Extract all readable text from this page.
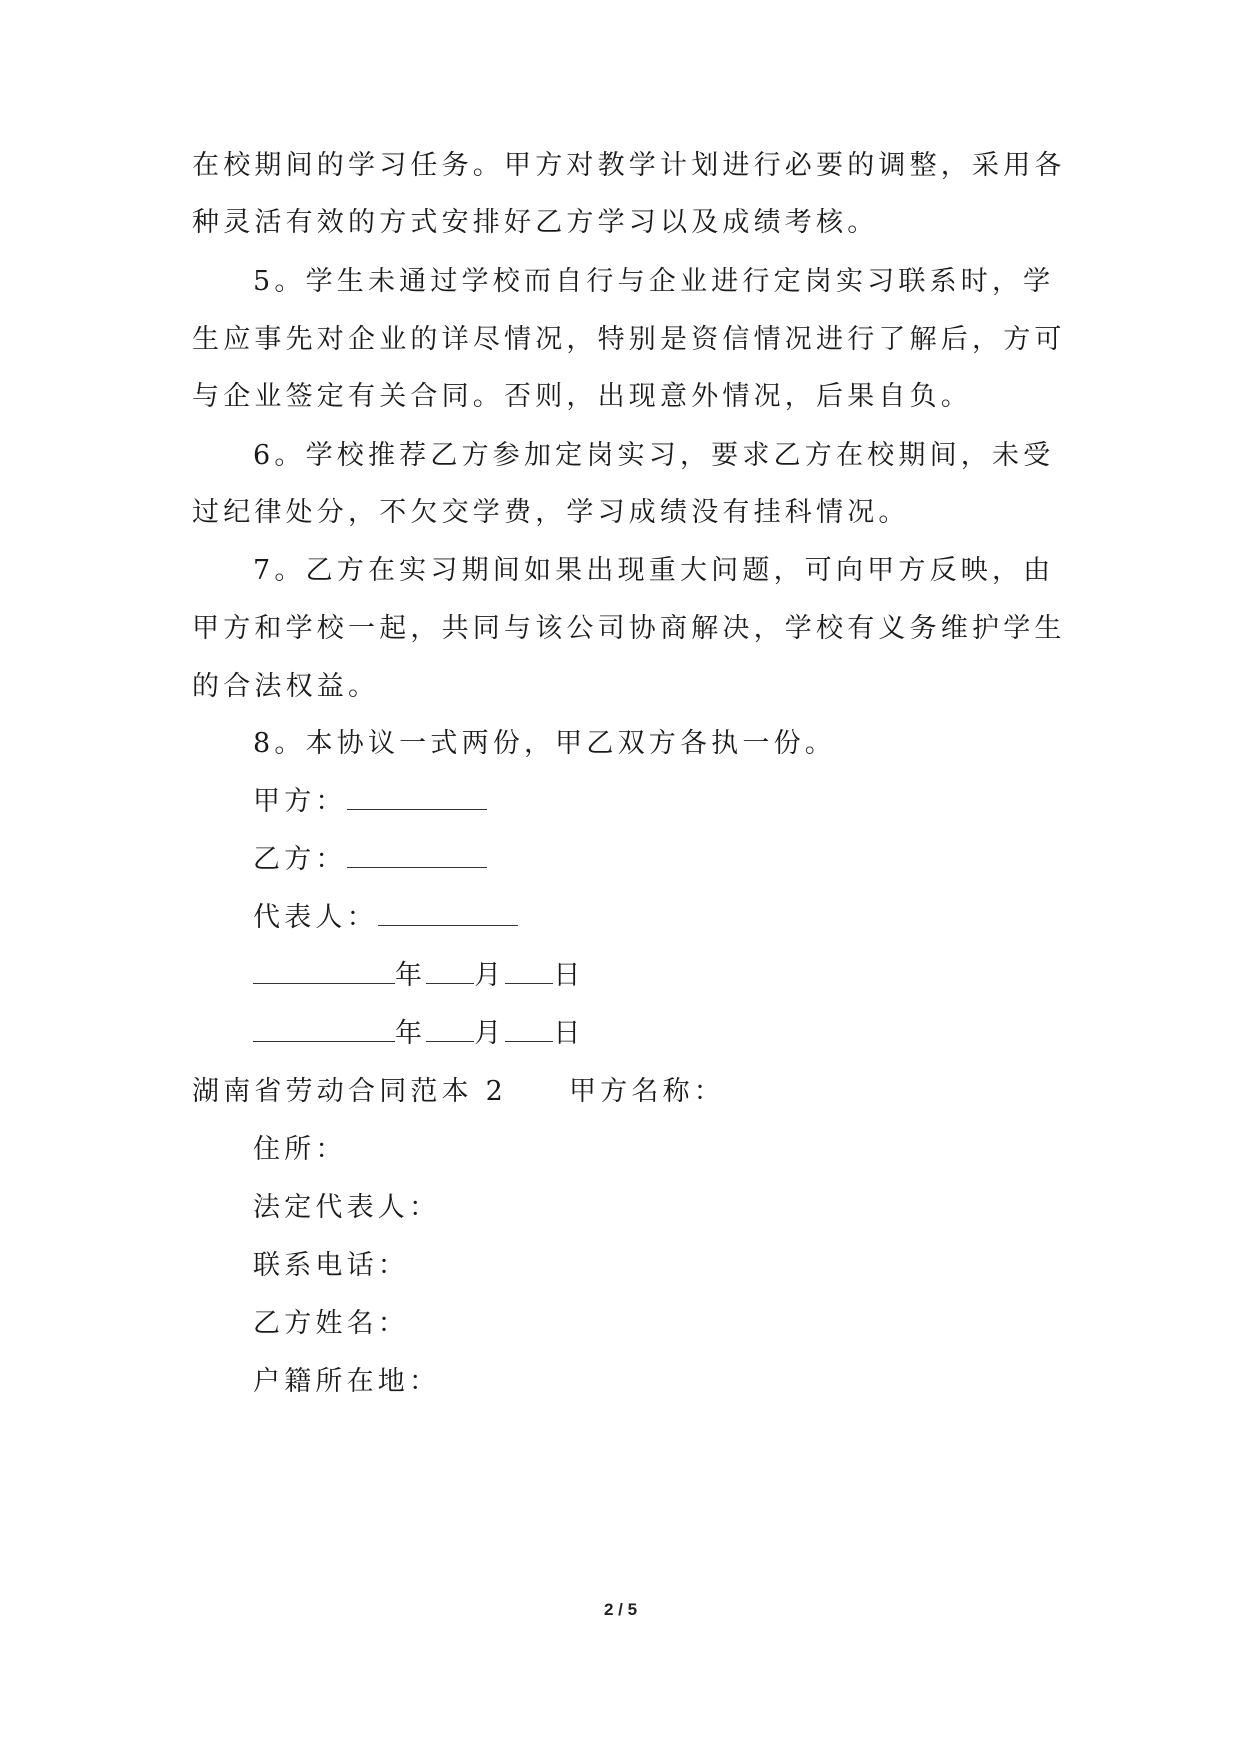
在校期间的学习任务。甲方对教学计划进行必要的调整，采用各
种灵活有效的方式安排好乙方学习以及成绩考核。
5。学生未通过学校而自行与企业进行定岗实习联系时，学
生应事先对企业的详尽情况，特别是资信情况进行了解后，方可
与企业签定有关合同。否则，出现意外情况，后果自负。
6。学校推荐乙方参加定岗实习，要求乙方在校期间，未受
过纪律处分，不欠交学费，学习成绩没有挂科情况。
7。乙方在实习期间如果出现重大问题，可向甲方反映，由
甲方和学校一起，共同与该公司协商解决，学校有义务维护学生
的合法权益。
8。本协议一式两份，甲乙双方各执一份。
甲方：
乙方：
代表人：
年 月 日
年 月 日
湖南省劳动合同范本 2 甲方名称：
住所：
法定代表人：
联系电话：
乙方姓名：
户籍所在地：
2 / 5
